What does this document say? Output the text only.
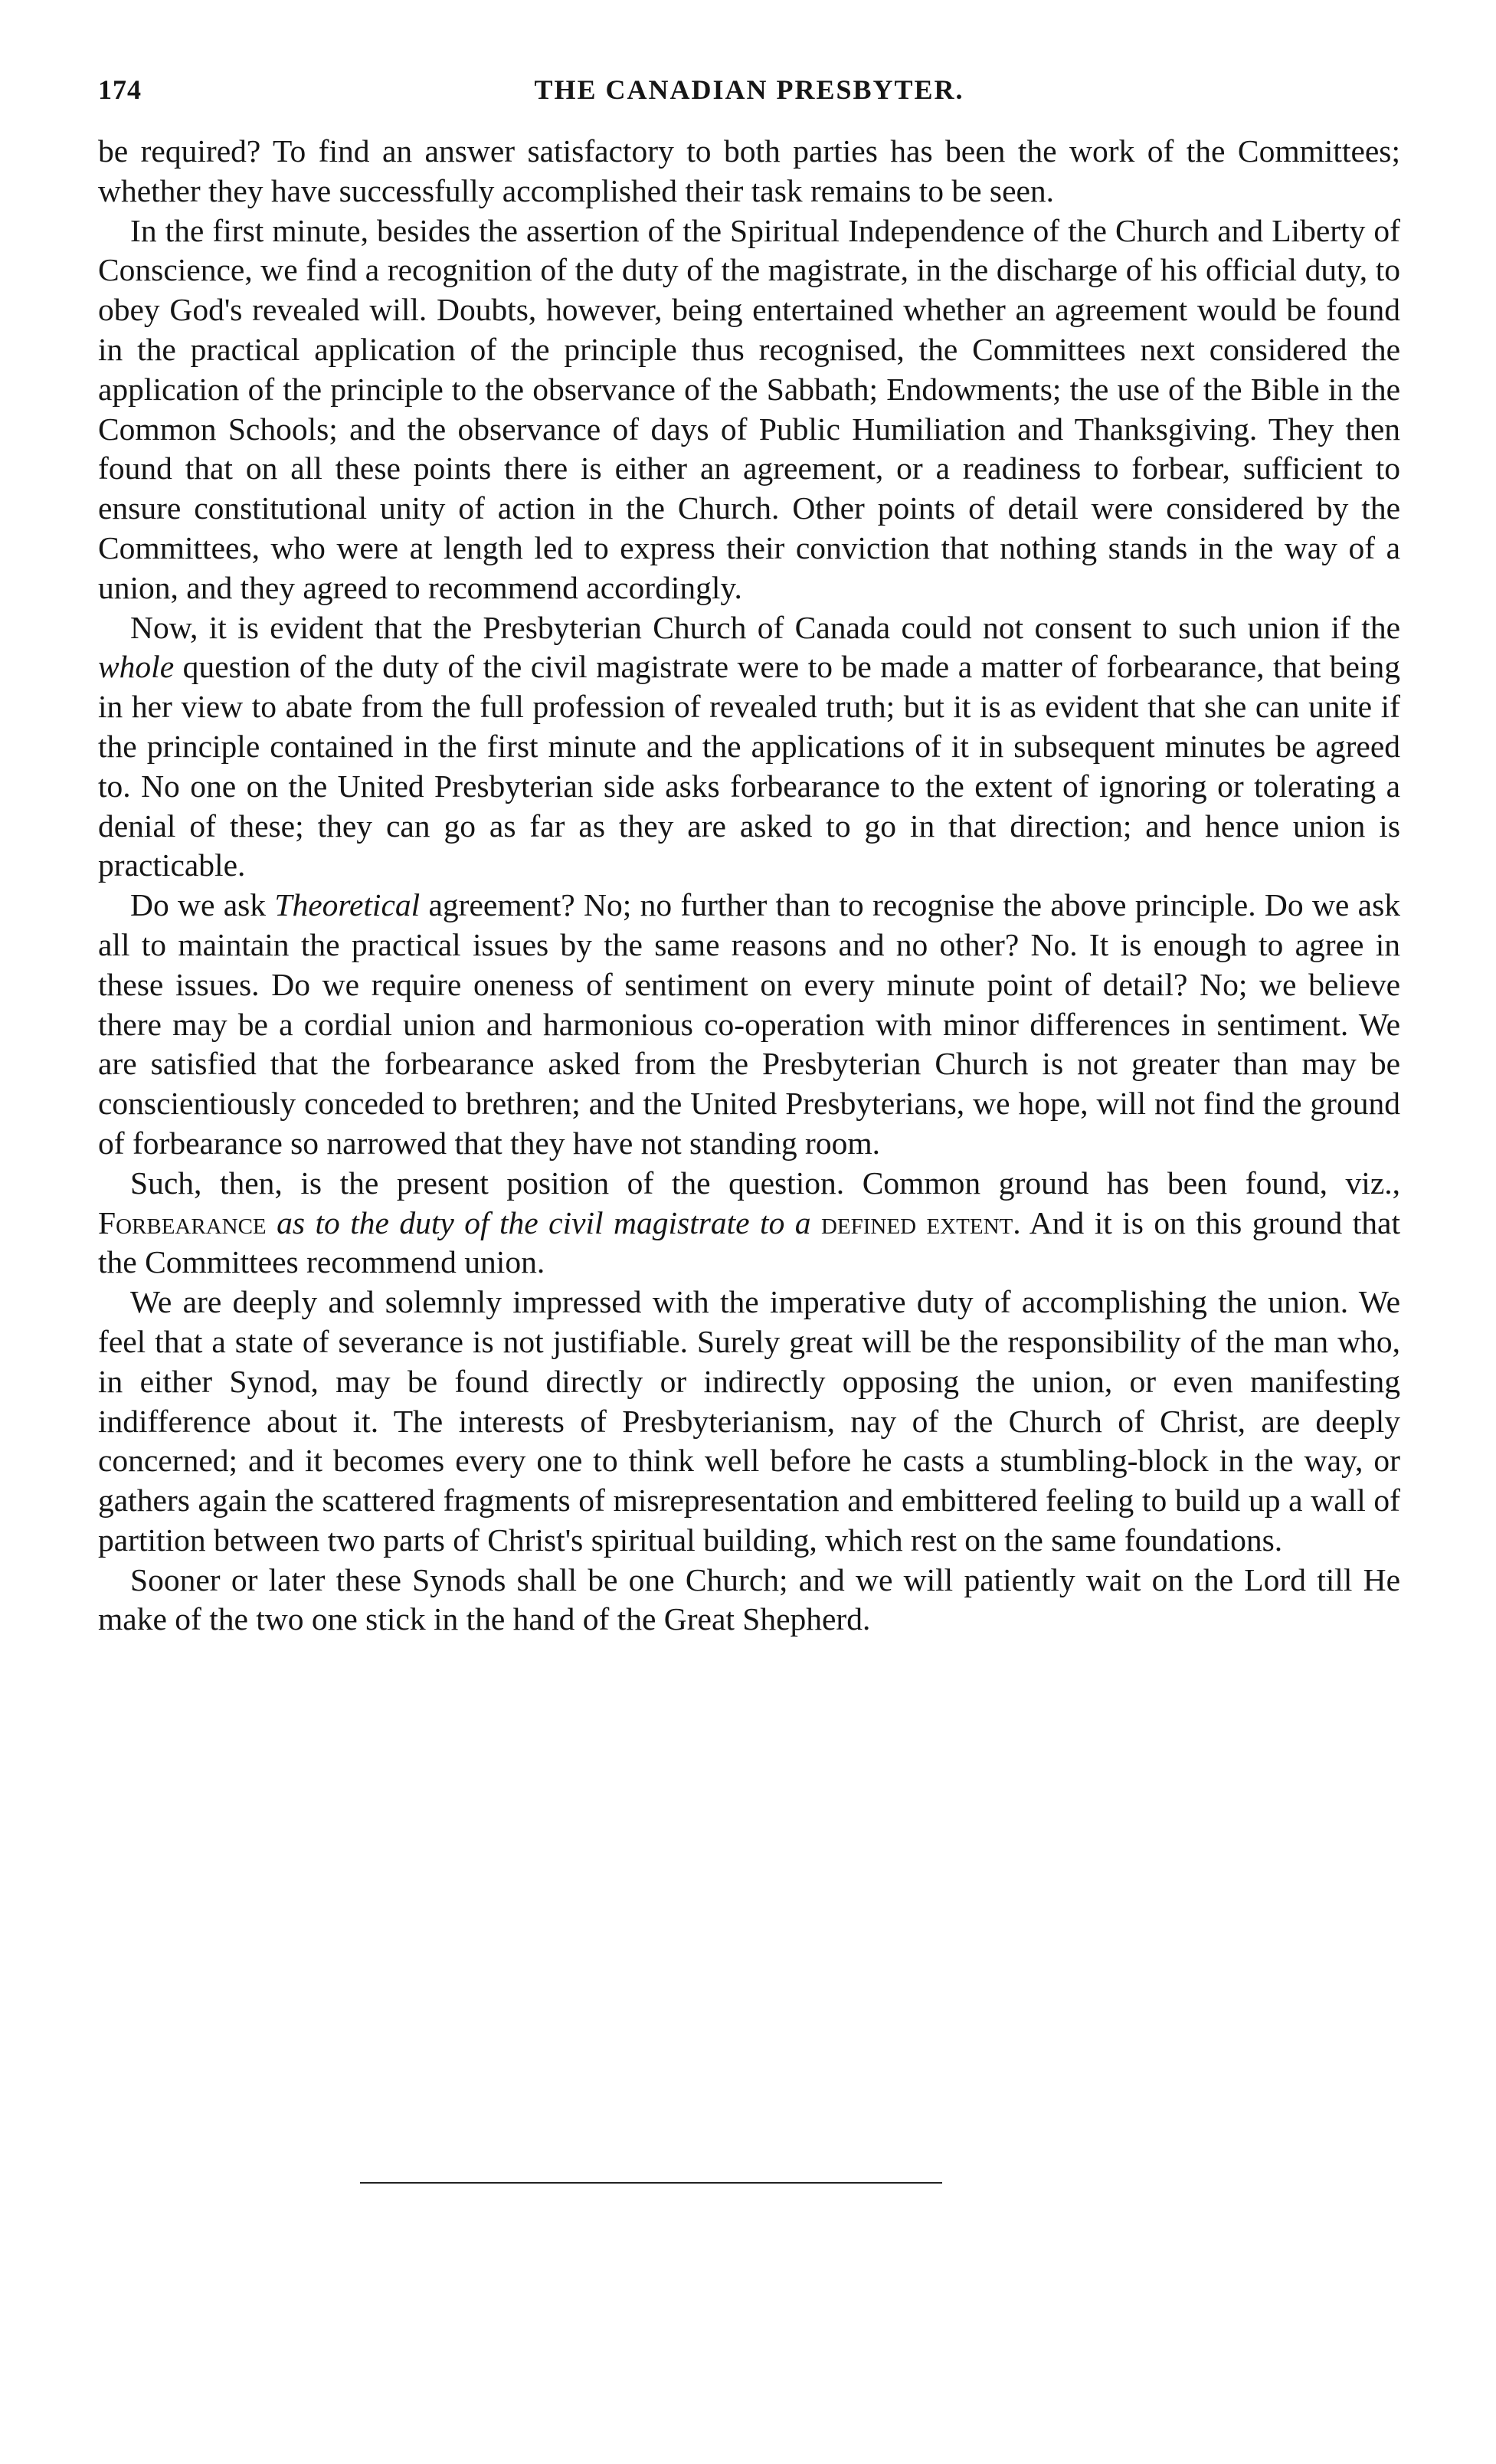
174	THE CANADIAN PRESBYTER.

be required? To find an answer satisfactory to both parties has been the work of the Committees; whether they have successfully accomplished their task remains to be seen.

In the first minute, besides the assertion of the Spiritual Independence of the Church and Liberty of Conscience, we find a recognition of the duty of the magistrate, in the discharge of his official duty, to obey God's revealed will. Doubts, however, being entertained whether an agreement would be found in the practical application of the principle thus recognised, the Committees next considered the application of the principle to the observance of the Sabbath; Endowments; the use of the Bible in the Common Schools; and the observance of days of Public Humiliation and Thanksgiving. They then found that on all these points there is either an agreement, or a readiness to forbear, sufficient to ensure constitutional unity of action in the Church. Other points of detail were considered by the Committees, who were at length led to express their conviction that nothing stands in the way of a union, and they agreed to recommend accordingly.

Now, it is evident that the Presbyterian Church of Canada could not consent to such union if the whole question of the duty of the civil magistrate were to be made a matter of forbearance, that being in her view to abate from the full profession of revealed truth; but it is as evident that she can unite if the principle contained in the first minute and the applications of it in subsequent minutes be agreed to. No one on the United Presbyterian side asks forbearance to the extent of ignoring or tolerating a denial of these; they can go as far as they are asked to go in that direction; and hence union is practicable.

Do we ask Theoretical agreement? No; no further than to recognise the above principle. Do we ask all to maintain the practical issues by the same reasons and no other? No. It is enough to agree in these issues. Do we require oneness of sentiment on every minute point of detail? No; we believe there may be a cordial union and harmonious co-operation with minor differences in sentiment. We are satisfied that the forbearance asked from the Presbyterian Church is not greater than may be conscientiously conceded to brethren; and the United Presbyterians, we hope, will not find the ground of forbearance so narrowed that they have not standing room.

Such, then, is the present position of the question. Common ground has been found, viz., Forbearance as to the duty of the civil magistrate to a defined extent. And it is on this ground that the Committees recommend union.

We are deeply and solemnly impressed with the imperative duty of accomplishing the union. We feel that a state of severance is not justifiable. Surely great will be the responsibility of the man who, in either Synod, may be found directly or indirectly opposing the union, or even manifesting indifference about it. The interests of Presbyterianism, nay of the Church of Christ, are deeply concerned; and it becomes every one to think well before he casts a stumbling-block in the way, or gathers again the scattered fragments of misrepresentation and embittered feeling to build up a wall of partition between two parts of Christ's spiritual building, which rest on the same foundations.

Sooner or later these Synods shall be one Church; and we will patiently wait on the Lord till He make of the two one stick in the hand of the Great Shepherd.
